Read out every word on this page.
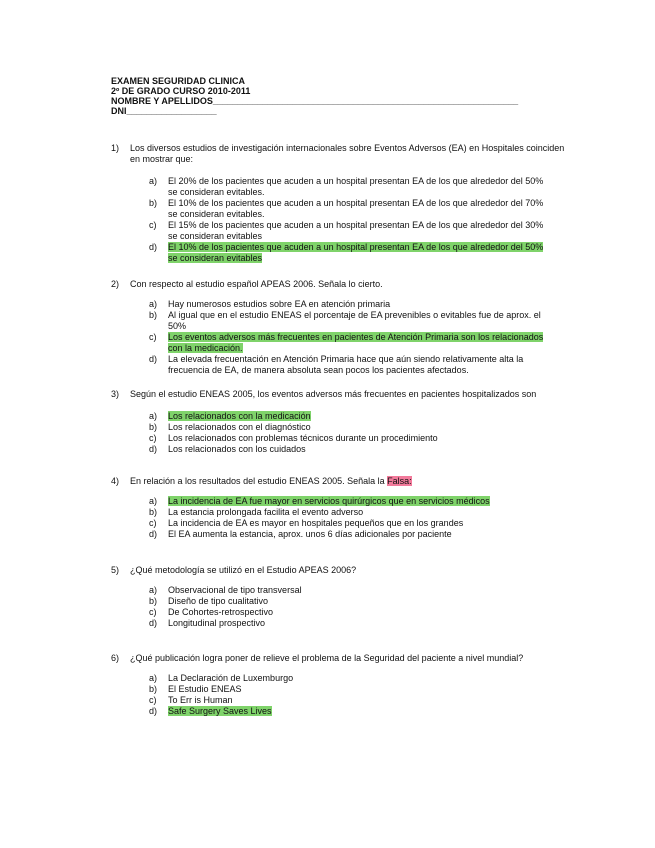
EXAMEN SEGURIDAD CLINICA
2º DE GRADO CURSO 2010-2011
NOMBRE Y APELLIDOS_____________________________________________________________
DNI__________________
1)	Los diversos estudios de investigación internacionales sobre Eventos Adversos (EA) en Hospitales coinciden en mostrar que:
a)	El 20% de los pacientes que acuden a un hospital presentan EA de los que alrededor del 50% se consideran evitables.
b)	El 10% de los pacientes que acuden a un hospital presentan EA de los que alrededor del 70% se consideran evitables.
c)	El 15% de los pacientes que acuden a un hospital presentan EA de los que alrededor del 30% se consideran evitables
d)	El 10% de los pacientes que acuden a un hospital presentan EA de los que alrededor del 50% se consideran evitables
2)	Con respecto al estudio español APEAS 2006. Señala lo cierto.
a)	Hay numerosos estudios sobre EA en atención primaria
b)	Al igual que en el estudio ENEAS el porcentaje de EA prevenibles o evitables fue de aprox. el 50%
c)	Los eventos adversos más frecuentes en pacientes de Atención Primaria son los relacionados con la medicación.
d)	La elevada frecuentación en Atención Primaria hace que aún siendo relativamente alta la frecuencia de EA, de manera absoluta sean pocos los pacientes afectados.
3)	Según el estudio ENEAS 2005, los eventos adversos más frecuentes en pacientes hospitalizados son
a)	Los relacionados con la medicación
b)	Los relacionados con el diagnóstico
c)	Los relacionados con problemas técnicos durante un procedimiento
d)	Los relacionados con los cuidados
4)	En relación a los resultados del estudio ENEAS 2005. Señala la Falsa:
a)	La incidencia de EA fue mayor en servicios quirúrgicos que en servicios médicos
b)	La estancia prolongada facilita el evento adverso
c)	La incidencia de EA es mayor en hospitales pequeños que en los grandes
d)	El EA aumenta la estancia, aprox. unos 6 días adicionales por paciente
5)	¿Qué metodología se utilizó en el Estudio APEAS 2006?
a)	Observacional de tipo transversal
b)	Diseño de tipo cualitativo
c)	De Cohortes-retrospectivo
d)	Longitudinal prospectivo
6)	¿Qué publicación logra poner de relieve el problema de la Seguridad del paciente a nivel mundial?
a)	La Declaración de Luxemburgo
b)	El Estudio ENEAS
c)	To Err is Human
d)	Safe Surgery Saves Lives
